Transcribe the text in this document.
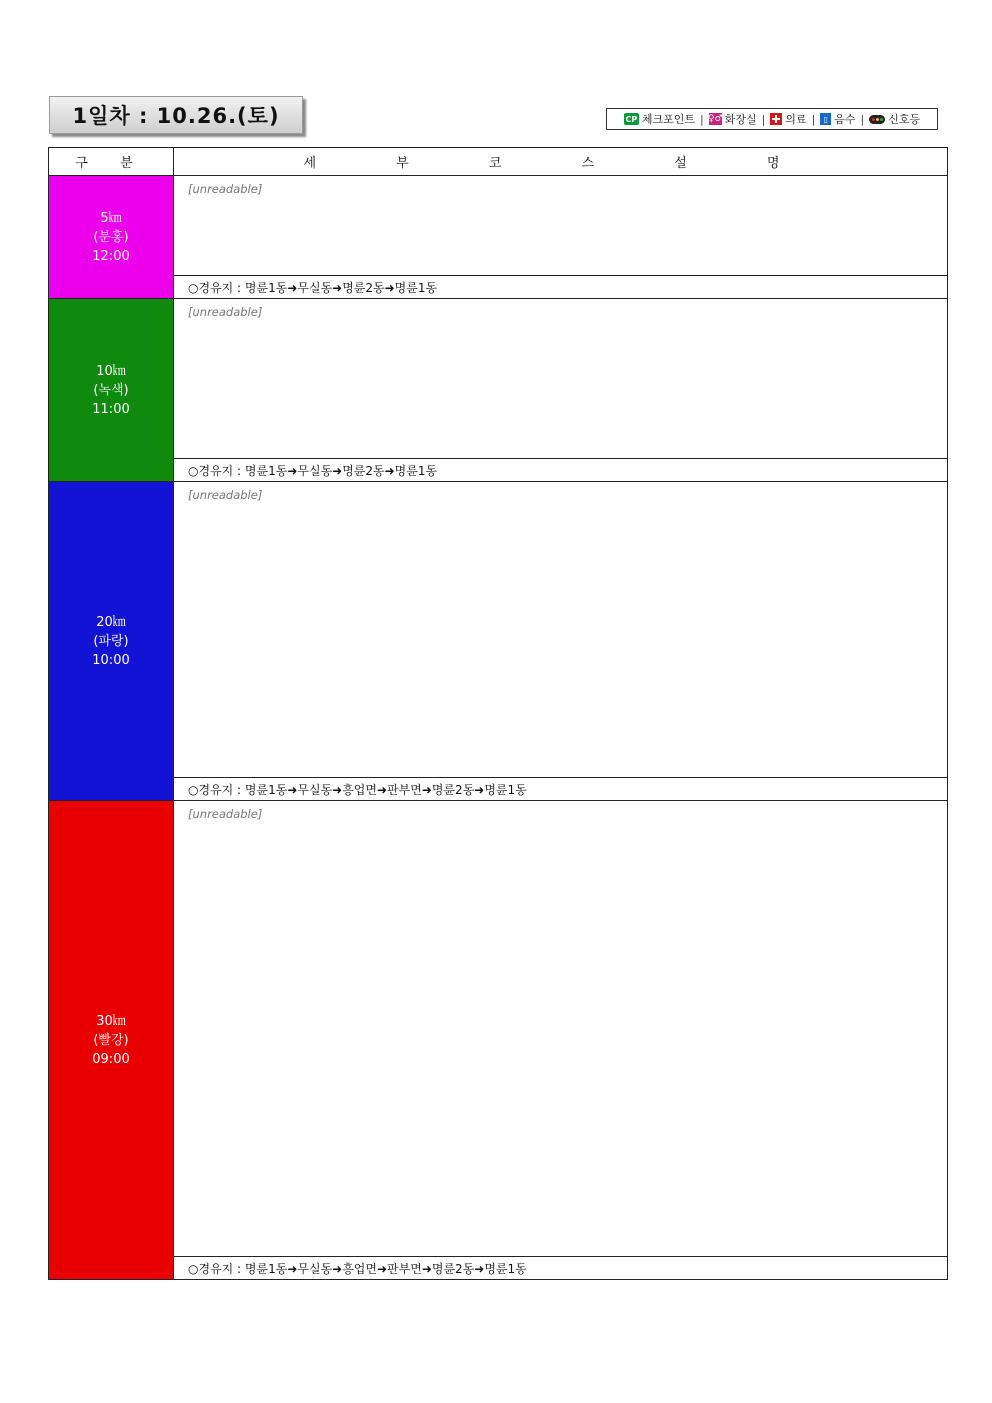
1일차 : 10.26.(토)	CP 체크포인트 | ♀♂ 화장실 | 의료 |	▯ 음수 | 신호등
구 분	세 부 코 스 설 명

5㎞
(분홍)
12:00	[unreadable]
	○경유지 : 명륜1동➜무실동➜명륜2동➜명륜1동

10㎞
(녹색)
11:00	[unreadable]
	○경유지 : 명륜1동➜무실동➜명륜2동➜명륜1동

20㎞
(파랑)
10:00	[unreadable]
	○경유지 : 명륜1동➜무실동➜흥업면➜판부면➜명륜2동➜명륜1동

30㎞
(빨강)
09:00	[unreadable]
	○경유지 : 명륜1동➜무실동➜흥업면➜판부면➜명륜2동➜명륜1동
